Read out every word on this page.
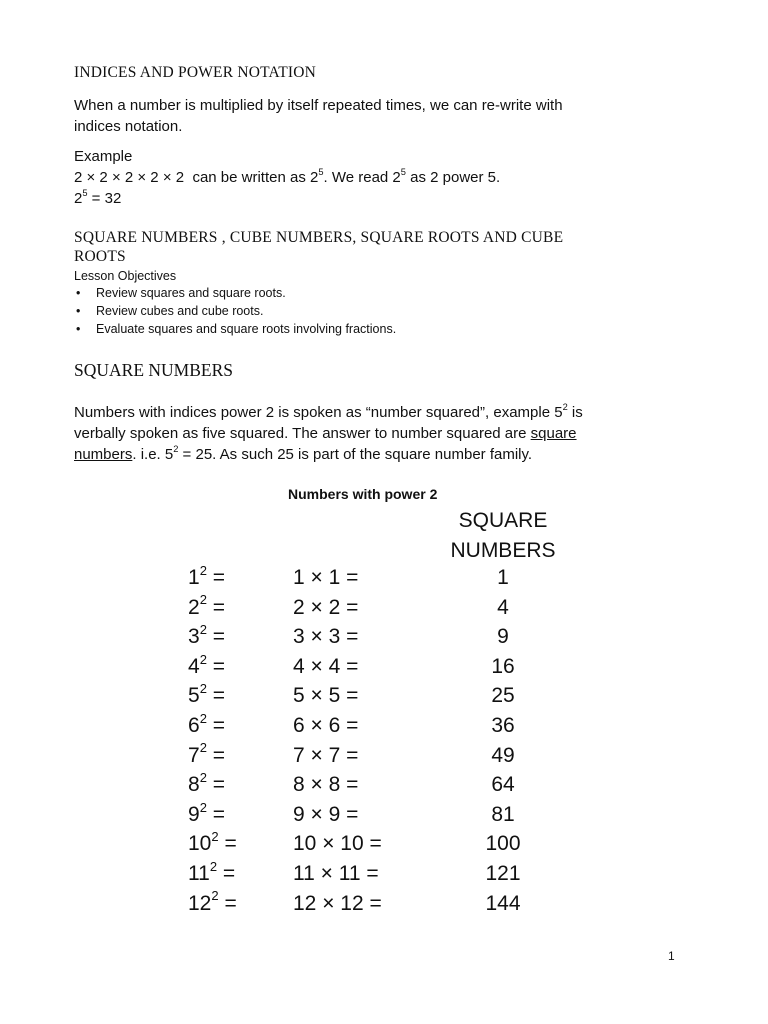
INDICES AND POWER NOTATION
When a number is multiplied by itself repeated times, we can re-write with
indices notation.
Example
2 × 2 × 2 × 2 × 2 can be written as $2^5$. We read $2^5$ as 2 power 5.
$2^5 = 32$
SQUARE NUMBERS , CUBE NUMBERS, SQUARE ROOTS AND CUBE
ROOTS
Lesson Objectives
• Review squares and square roots.
• Review cubes and cube roots.
• Evaluate squares and square roots involving fractions.
SQUARE NUMBERS
Numbers with indices power 2 is spoken as “number squared”, example $5^2$ is
verbally spoken as five squared. The answer to number squared are square
numbers. i.e. $5^2 = 25$. As such 25 is part of the square number family.
Numbers with power 2
SQUARE
NUMBERS
$1^2$ =	1 × 1 =	1
$2^2$ =	2 × 2 =	4
$3^2$ =	3 × 3 =	9
$4^2$ =	4 × 4 =	16
$5^2$ =	5 × 5 =	25
$6^2$ =	6 × 6 =	36
$7^2$ =	7 × 7 =	49
$8^2$ =	8 × 8 =	64
$9^2$ =	9 × 9 =	81
$10^2$ =	10 × 10 =	100
$11^2$ =	11 × 11 =	121
$12^2$ =	12 × 12 =	144
1
